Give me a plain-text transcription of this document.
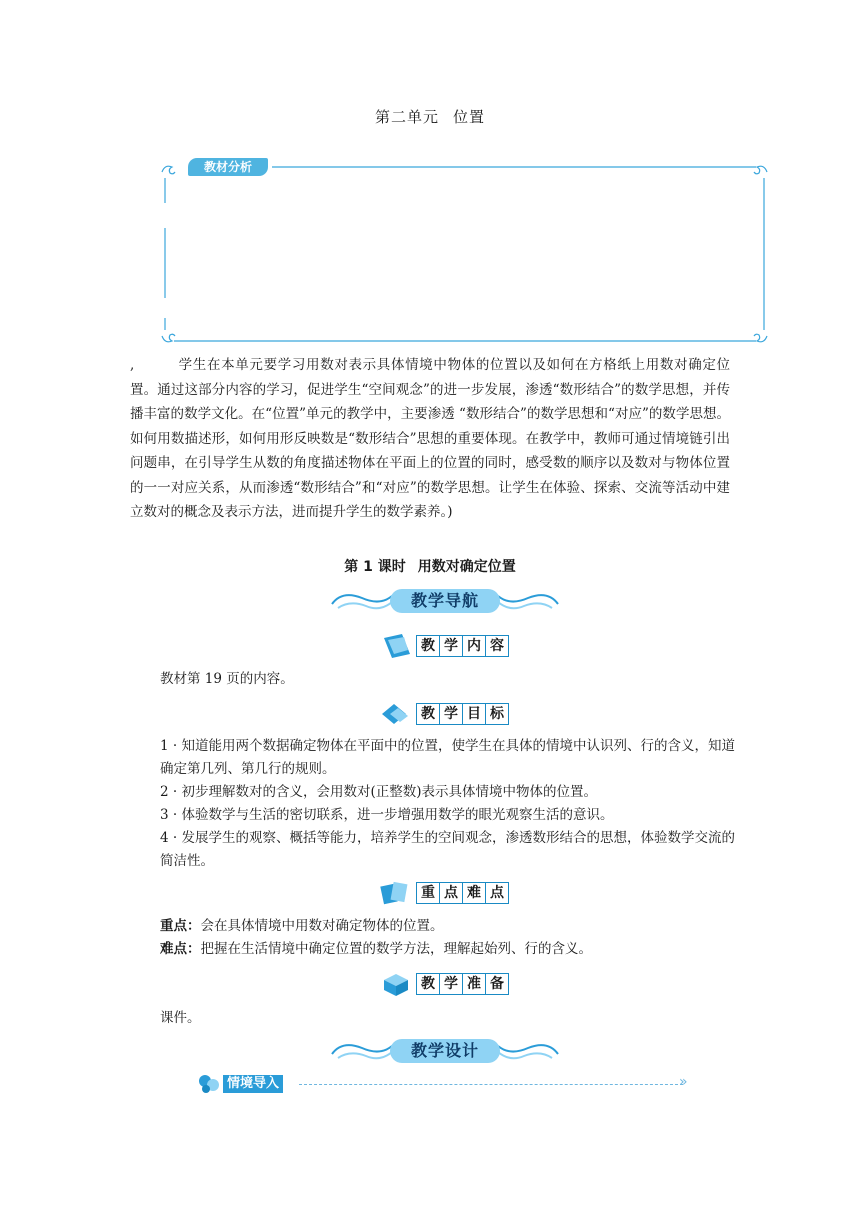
第二单元 位置
教材分析
,	学生在本单元要学习用数对表示具体情境中物体的位置以及如何在方格纸上用数对确定位置。通过这部分内容的学习，促进学生“空间观念”的进一步发展，渗透“数形结合”的数学思想，并传播丰富的数学文化。在“位置”单元的教学中，主要渗透 “数形结合”的数学思想和“对应”的数学思想。如何用数描述形，如何用形反映数是“数形结合”思想的重要体现。在教学中，教师可通过情境链引出问题串，在引导学生从数的角度描述物体在平面上的位置的同时，感受数的顺序以及数对与物体位置的一一对应关系，从而渗透“数形结合”和“对应”的数学思想。让学生在体验、探索、交流等活动中建立数对的概念及表示方法，进而提升学生的数学素养。)
第 1 课时 用数对确定位置
教学导航
教 学 内 容
教材第 19 页的内容。
教 学 目 标
1 · 知道能用两个数据确定物体在平面中的位置，使学生在具体的情境中认识列、行的含义，知道确定第几列、第几行的规则。
2 · 初步理解数对的含义，会用数对(正整数)表示具体情境中物体的位置。
3 · 体验数学与生活的密切联系，进一步增强用数学的眼光观察生活的意识。
4 · 发展学生的观察、概括等能力，培养学生的空间观念，渗透数形结合的思想，体验数学交流的简洁性。
重 点 难 点
重点：会在具体情境中用数对确定物体的位置。
难点：把握在生活情境中确定位置的数学方法，理解起始列、行的含义。
教 学 准 备
课件。
教学设计
情境导入	»
